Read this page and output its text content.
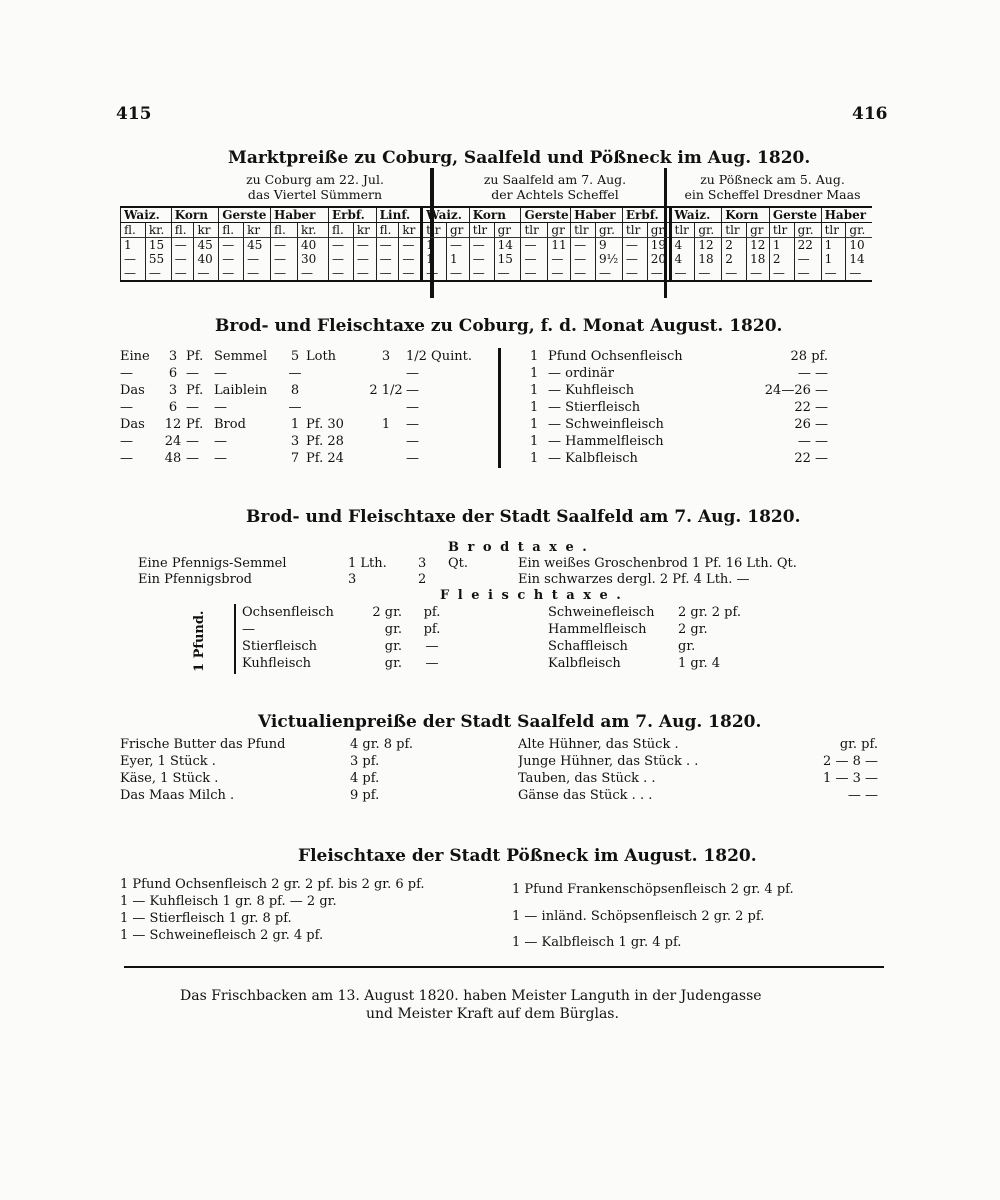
415	416
Marktpreiße zu Coburg, Saalfeld und Pößneck im Aug. 1820.
zu Coburg am 22. Jul.
das Viertel Sümmern
zu Saalfeld am 7. Aug.
der Achtels Scheffel
zu Pößneck am 5. Aug.
ein Scheffel Dresdner Maas
Waiz.		Korn		Gerste		Haber		Erbf.		Linf.		Waiz.		Korn		Gerste		Haber		Erbf.		Waiz.		Korn		Gerste		Haber	
fl.	kr.	fl.	kr	fl.	kr	fl.	kr.	fl.	kr	fl.	kr	tlr	gr	tlr	gr	tlr	gr	tlr	gr.	tlr	gr	tlr	gr.	tlr	gr	tlr	gr.	tlr	gr.
1	15	—	45	—	45	—	40	—	—	—	—	1	—	—	14	—	11	—	9	—	19	4	12	2	12	1	22	1	10
—	55	—	40	—	—	—	30	—	—	—	—	1	1	—	15	—	—	—	9½	—	20	4	18	2	18	2	—	1	14
—	—	—	—	—	—	—	—	—	—	—	—	—	—	—	—	—	—	—	—	—	—	—	—	—	—	—	—	—	—
Brod- und Fleischtaxe zu Coburg, f. d. Monat August. 1820.
Eine	3 Pf. Semmel	5 Loth	3	1/2 Quint.
—	6 —	—	—	—
Das	3 Pf. Laiblein	8	2 1/2 —
—	6 —	—	—	—
Das	12 Pf. Brod	1 Pf. 30	1	—
—	24 —	—	3 Pf. 28	—
—	48 —	—	7 Pf. 24	—
1 Pfund Ochsenfleisch	28 pf.
1 — ordinär	— —
1 — Kuhfleisch	24—26 —
1 — Stierfleisch	22 —
1 — Schweinfleisch	26 —
1 — Hammelfleisch	— —
1 — Kalbfleisch	22 —
Brod- und Fleischtaxe der Stadt Saalfeld am 7. Aug. 1820.
B r o d t a x e .
Eine Pfennigs-Semmel	1 Lth.	3	Qt.	Ein weißes Groschenbrod 1 Pf. 16 Lth. Qt.
Ein Pfennigsbrod	3	2	Ein schwarzes dergl. 2 Pf. 4 Lth. —
F l e i s c h t a x e .
1 Pfund.	Ochsenfleisch	2 gr.	pf.
—	gr.	pf.
Stierfleisch	gr.	—
Kuhfleisch	gr.	—
Schweinefleisch	2 gr. 2 pf.
Hammelfleisch	2 gr.
Schaffleisch	gr.
Kalbfleisch	1 gr. 4
Victualienpreiße der Stadt Saalfeld am 7. Aug. 1820.
Frische Butter das Pfund	4 gr. 8 pf.
Eyer, 1 Stück .	3 pf.
Käse, 1 Stück .	4 pf.
Das Maas Milch .	9 pf.
Alte Hühner, das Stück .	gr. pf.
Junge Hühner, das Stück . .	2 — 8 —
Tauben, das Stück . .	1 — 3 —
Gänse das Stück . . .	— —
Fleischtaxe der Stadt Pößneck im August. 1820.
1 Pfund Ochsenfleisch 2 gr. 2 pf. bis 2 gr. 6 pf.
1 — Kuhfleisch 1 gr. 8 pf. — 2 gr.
1 — Stierfleisch 1 gr. 8 pf.
1 — Schweinefleisch 2 gr. 4 pf.
1 Pfund Frankenschöpsenfleisch 2 gr. 4 pf.
1 — inländ. Schöpsenfleisch 2 gr. 2 pf.
1 — Kalbfleisch 1 gr. 4 pf.
Das Frischbacken am 13. August 1820. haben Meister Languth in der Judengasse
und Meister Kraft auf dem Bürglas.
